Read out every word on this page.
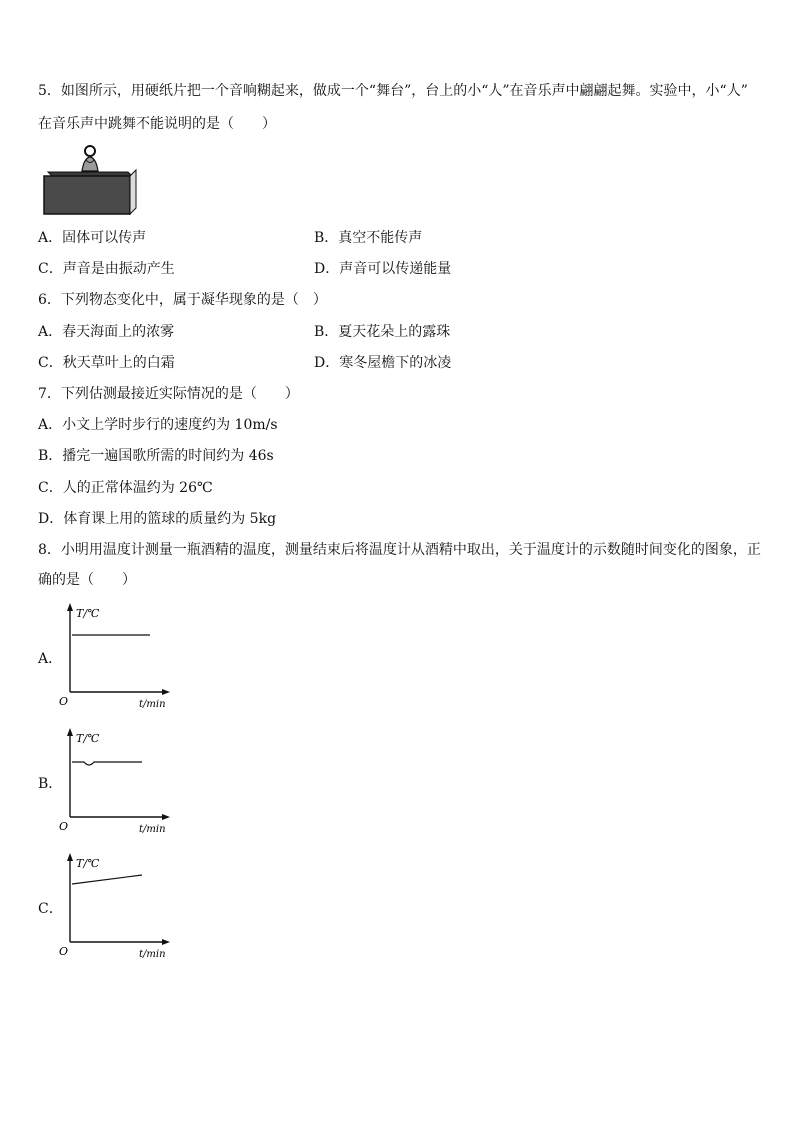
5．如图所示，用硬纸片把一个音响糊起来，做成一个“舞台”，台上的小“人”在音乐声中翩翩起舞。实验中，小“人”
在音乐声中跳舞不能说明的是（　　）
A．固体可以传声	B．真空不能传声
C．声音是由振动产生	D．声音可以传递能量
6．下列物态变化中，属于凝华现象的是（　）
A．春天海面上的浓雾	B．夏天花朵上的露珠
C．秋天草叶上的白霜	D．寒冬屋檐下的冰凌
7．下列估测最接近实际情况的是（　　）
A．小文上学时步行的速度约为 10m/s
B．播完一遍国歌所需的时间约为 46s
C．人的正常体温约为 26℃
D．体育课上用的篮球的质量约为 5kg
8．小明用温度计测量一瓶酒精的温度，测量结束后将温度计从酒精中取出，关于温度计的示数随时间变化的图象，正
确的是（　　）
A．
T/℃
O	t/min
B．
T/℃
O	t/min
C．
T/℃
O	t/min
